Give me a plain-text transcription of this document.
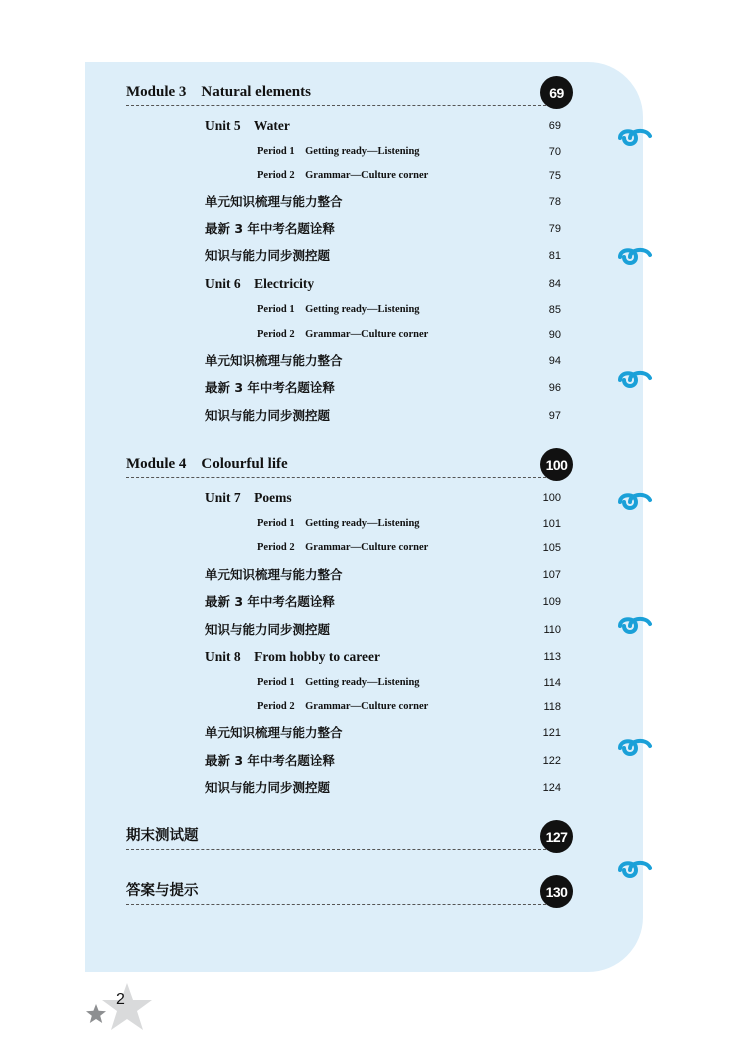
Module 3    Natural elements	69
Unit 5    Water	69
Period 1    Getting ready—Listening	70
Period 2    Grammar—Culture corner	75
单元知识梳理与能力整合	78
最新 3 年中考名题诠释	79
知识与能力同步测控题	81
Unit 6    Electricity	84
Period 1    Getting ready—Listening	85
Period 2    Grammar—Culture corner	90
单元知识梳理与能力整合	94
最新 3 年中考名题诠释	96
知识与能力同步测控题	97
Module 4    Colourful life	100
Unit 7    Poems	100
Period 1    Getting ready—Listening	101
Period 2    Grammar—Culture corner	105
单元知识梳理与能力整合	107
最新 3 年中考名题诠释	109
知识与能力同步测控题	110
Unit 8    From hobby to career	113
Period 1    Getting ready—Listening	114
Period 2    Grammar—Culture corner	118
单元知识梳理与能力整合	121
最新 3 年中考名题诠释	122
知识与能力同步测控题	124
期末测试题	127
答案与提示	130
2
